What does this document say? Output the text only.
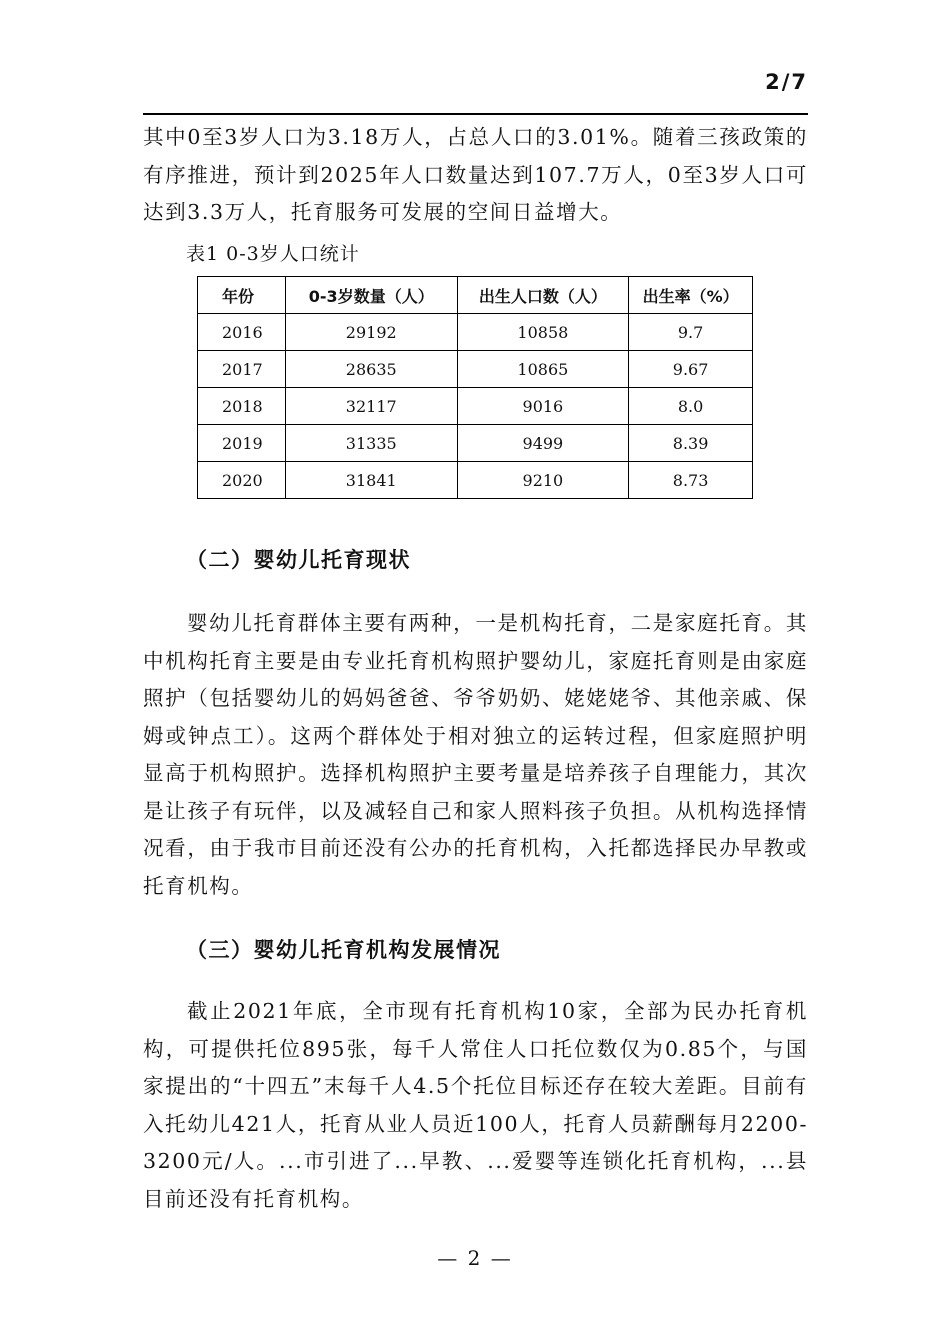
2/7

其中0至3岁人口为3.18万人，占总人口的3.01%。随着三孩政策的有序推进，预计到2025年人口数量达到107.7万人，0至3岁人口可达到3.3万人，托育服务可发展的空间日益增大。

表1 0-3岁人口统计
年份	0-3岁数量（人）	出生人口数（人）	出生率（%）
2016	29192	10858	9.7
2017	28635	10865	9.67
2018	32117	9016	8.0
2019	31335	9499	8.39
2020	31841	9210	8.73
（二）婴幼儿托育现状

婴幼儿托育群体主要有两种，一是机构托育，二是家庭托育。其中机构托育主要是由专业托育机构照护婴幼儿，家庭托育则是由家庭照护（包括婴幼儿的妈妈爸爸、爷爷奶奶、姥姥姥爷、其他亲戚、保姆或钟点工）。这两个群体处于相对独立的运转过程，但家庭照护明显高于机构照护。选择机构照护主要考量是培养孩子自理能力，其次是让孩子有玩伴，以及减轻自己和家人照料孩子负担。从机构选择情况看，由于我市目前还没有公办的托育机构，入托都选择民办早教或托育机构。

（三）婴幼儿托育机构发展情况

截止2021年底，全市现有托育机构10家，全部为民办托育机构，可提供托位895张，每千人常住人口托位数仅为0.85个，与国家提出的“十四五”末每千人4.5个托位目标还存在较大差距。目前有入托幼儿421人，托育从业人员近100人，托育人员薪酬每月2200-3200元/人。...市引进了...早教、...爱婴等连锁化托育机构，...县目前还没有托育机构。

— 2 —
